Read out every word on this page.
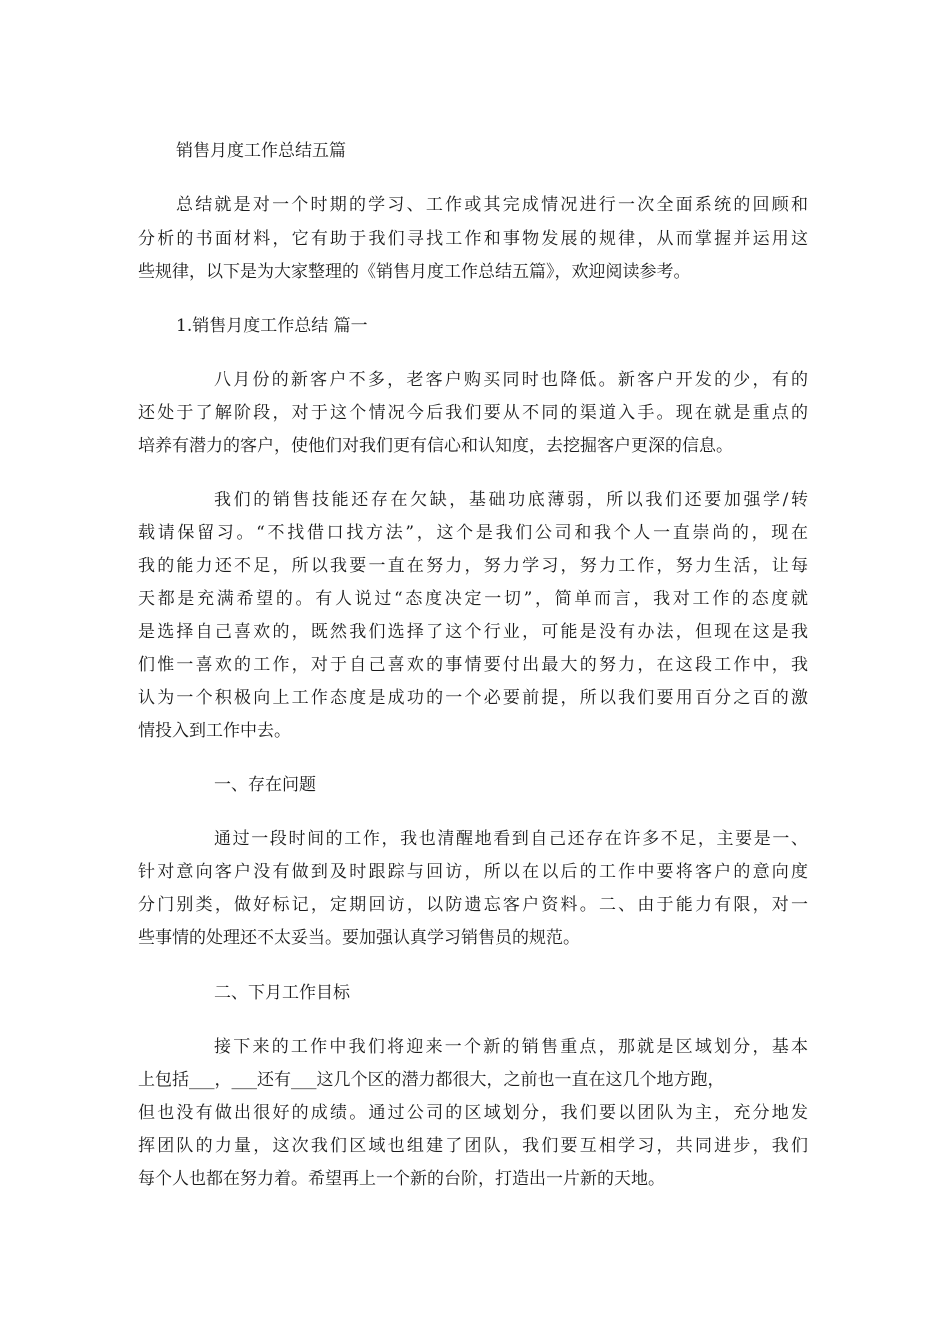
销售月度工作总结五篇
总结就是对一个时期的学习、工作或其完成情况进行一次全面系统的回顾和
分析的书面材料，它有助于我们寻找工作和事物发展的规律，从而掌握并运用这
些规律，以下是为大家整理的《销售月度工作总结五篇》，欢迎阅读参考。
1.销售月度工作总结 篇一
八月份的新客户不多，老客户购买同时也降低。新客户开发的少，有的
还处于了解阶段，对于这个情况今后我们要从不同的渠道入手。现在就是重点的
培养有潜力的客户，使他们对我们更有信心和认知度，去挖掘客户更深的信息。
我们的销售技能还存在欠缺，基础功底薄弱，所以我们还要加强学/转
载请保留习。“不找借口找方法”，这个是我们公司和我个人一直崇尚的，现在
我的能力还不足，所以我要一直在努力，努力学习，努力工作，努力生活，让每
天都是充满希望的。有人说过“态度决定一切”，简单而言，我对工作的态度就
是选择自己喜欢的，既然我们选择了这个行业，可能是没有办法，但现在这是我
们惟一喜欢的工作，对于自己喜欢的事情要付出最大的努力，在这段工作中，我
认为一个积极向上工作态度是成功的一个必要前提，所以我们要用百分之百的激
情投入到工作中去。
一、存在问题
通过一段时间的工作，我也清醒地看到自己还存在许多不足，主要是一、
针对意向客户没有做到及时跟踪与回访，所以在以后的工作中要将客户的意向度
分门别类，做好标记，定期回访，以防遗忘客户资料。二、由于能力有限，对一
些事情的处理还不太妥当。要加强认真学习销售员的规范。
二、下月工作目标
接下来的工作中我们将迎来一个新的销售重点，那就是区域划分，基本
上包括___，___还有___这几个区的潜力都很大，之前也一直在这几个地方跑，
但也没有做出很好的成绩。通过公司的区域划分，我们要以团队为主，充分地发
挥团队的力量，这次我们区域也组建了团队，我们要互相学习，共同进步，我们
每个人也都在努力着。希望再上一个新的台阶，打造出一片新的天地。
